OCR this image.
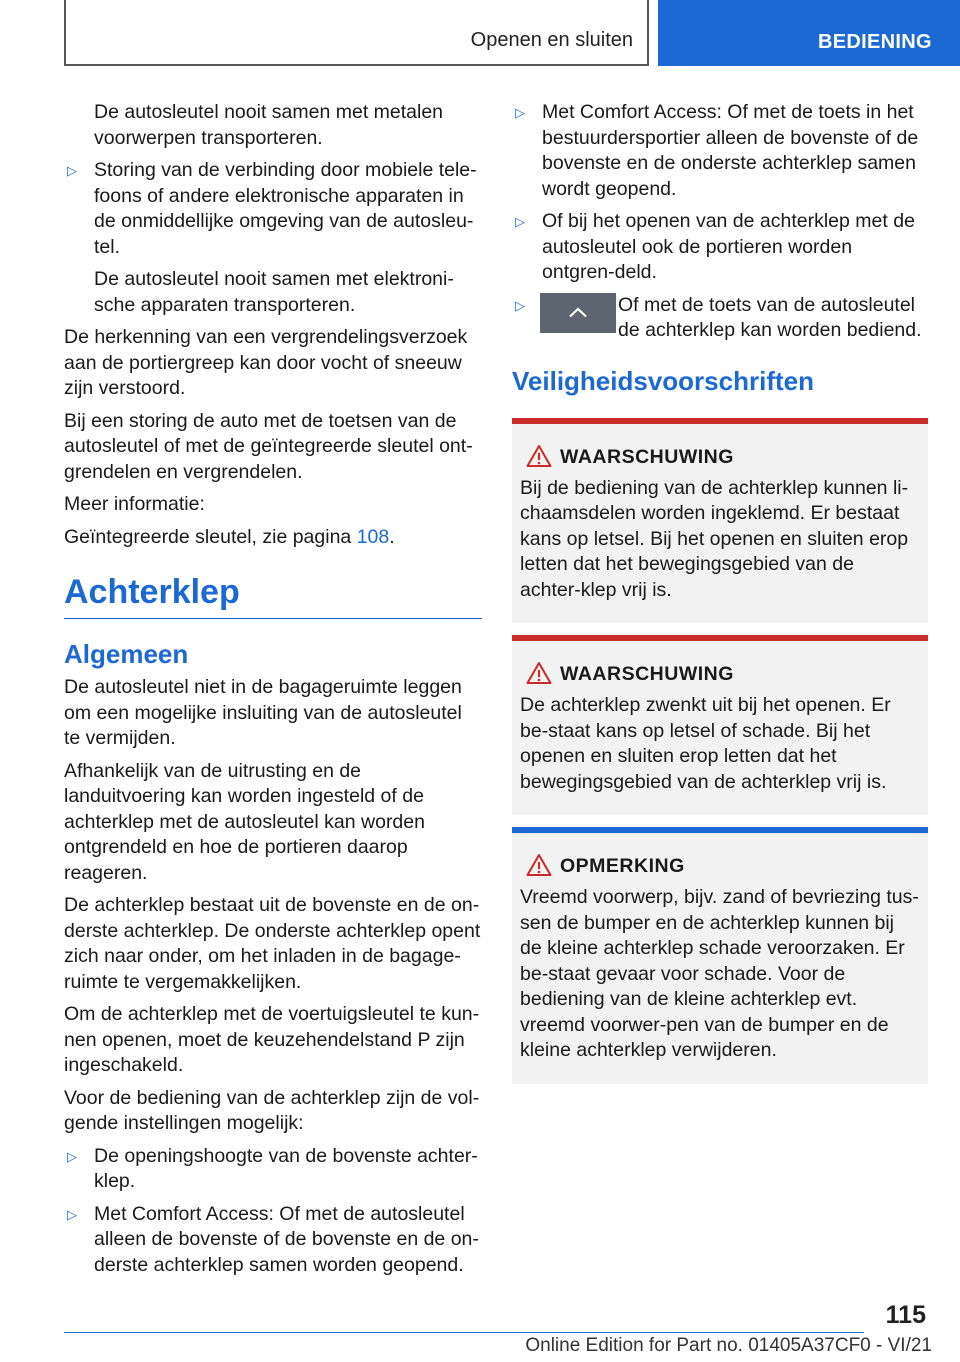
Openen en sluiten	BEDIENING

De autosleutel nooit samen met metalen voorwerpen transporteren.

▷ Storing van de verbinding door mobiele tele-foons of andere elektronische apparaten in de onmiddellijke omgeving van de autosleu-tel.

De autosleutel nooit samen met elektroni-sche apparaten transporteren.

De herkenning van een vergrendelingsverzoek aan de portiergreep kan door vocht of sneeuw zijn verstoord.

Bij een storing de auto met de toetsen van de autosleutel of met de geïntegreerde sleutel ont-grendelen en vergrendelen.

Meer informatie:

Geïntegreerde sleutel, zie pagina 108.

Achterklep
Algemeen

De autosleutel niet in de bagageruimte leggen om een mogelijke insluiting van de autosleutel te vermijden.

Afhankelijk van de uitrusting en de landuitvoering kan worden ingesteld of de achterklep met de autosleutel kan worden ontgrendeld en hoe de portieren daarop reageren.

De achterklep bestaat uit de bovenste en de on-derste achterklep. De onderste achterklep opent zich naar onder, om het inladen in de bagage-ruimte te vergemakkelijken.

Om de achterklep met de voertuigsleutel te kun-nen openen, moet de keuzehendelstand P zijn ingeschakeld.

Voor de bediening van de achterklep zijn de vol-gende instellingen mogelijk:

▷ De openingshoogte van de bovenste achter-klep.
▷ Met Comfort Access: Of met de autosleutel alleen de bovenste of de bovenste en de on-derste achterklep samen worden geopend.
▷ Met Comfort Access: Of met de toets in het bestuurdersportier alleen de bovenste of de bovenste en de onderste achterklep samen wordt geopend.
▷ Of bij het openen van de achterklep met de autosleutel ook de portieren worden ontgren-deld.
▷	Of met de toets van de autosleutel de achterklep kan worden bediend.
Veiligheidsvoorschriften
WAARSCHUWING
Bij de bediening van de achterklep kunnen li-chaamsdelen worden ingeklemd. Er bestaat kans op letsel. Bij het openen en sluiten erop letten dat het bewegingsgebied van de achter-klep vrij is.
WAARSCHUWING
De achterklep zwenkt uit bij het openen. Er be-staat kans op letsel of schade. Bij het openen en sluiten erop letten dat het bewegingsgebied van de achterklep vrij is.
OPMERKING
Vreemd voorwerp, bijv. zand of bevriezing tus-sen de bumper en de achterklep kunnen bij de kleine achterklep schade veroorzaken. Er be-staat gevaar voor schade. Voor de bediening van de kleine achterklep evt. vreemd voorwer-pen van de bumper en de kleine achterklep verwijderen.
115
Online Edition for Part no. 01405A37CF0 - VI/21
